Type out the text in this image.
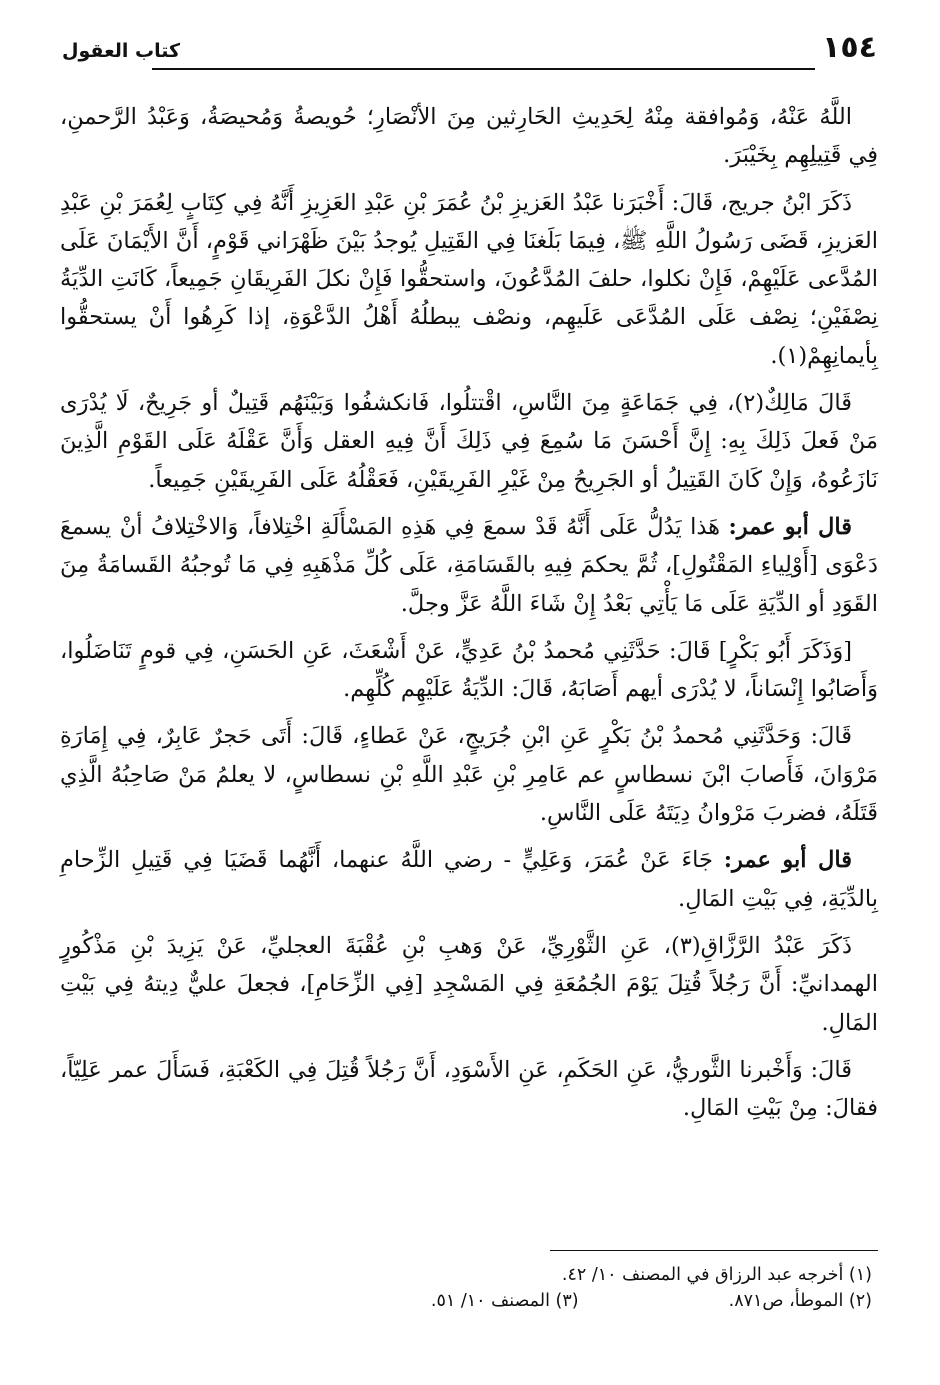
١٥٤
كتاب العقول

اللَّهُ عَنْهُ، وَمُوافقة مِنْهُ لِحَدِيثِ الحَارِثين مِنَ الأنْصَارِ؛ حُويصةُ وَمُحيصَةُ، وَعَبْدُ الرَّحمنِ، فِي قَتِيلِهِم بِخَيْبَرَ.

ذَكَرَ ابْنُ جريج، قَالَ: أَخْبَرَنا عَبْدُ العَزيزِ بْنُ عُمَرَ بْنِ عَبْدِ العَزِيزِ أَنَّهُ فِي كِتَابٍ لِعُمَرَ بْنِ عَبْدِ العَزيزِ، قَضَى رَسُولُ اللَّهِ ﷺ، فِيمَا بَلَغنَا فِي القَتِيلِ يُوجدُ بَيْنَ ظَهْرَاني قَوْمٍ، أَنَّ الأَيْمَانَ عَلَى المُدَّعى عَلَيْهِمْ، فَإِنْ نكلوا، حلفَ المُدَّعُونَ، واستحقُّوا فَإِنْ نكلَ الفَرِيقَانِ جَمِيعاً، كَانَتِ الدِّيَةُ نِصْفَيْنِ؛ نِصْف عَلَى المُدَّعَى عَلَيهِم، ونصْف يبطلُهُ أَهْلُ الدَّعْوَةِ، إذا كَرِهُوا أَنْ يستحقُّوا بِأيمانِهِمْ(١).

قَالَ مَالِكٌ(٢)، فِي جَمَاعَةٍ مِنَ النَّاسِ، اقْتتلُوا، فَانكشفُوا وَبَيْنَهُم قَتِيلٌ أو جَرِيحٌ، لَا يُدْرَى مَنْ فَعلَ ذَلِكَ بِهِ: إِنَّ أَحْسَنَ مَا سُمِعَ فِي ذَلِكَ أَنَّ فِيهِ العقل وَأَنَّ عَقْلَهُ عَلَى القَوْمِ الَّذِينَ نَازَعُوهُ، وَإِنْ كَانَ القَتِيلُ أو الجَرِيحُ مِنْ غَيْرِ الفَرِيقَيْنِ، فَعَقْلُهُ عَلَى الفَرِيقَيْنِ جَمِيعاً.

قال أبو عمر: هَذا يَدُلُّ عَلَى أَنَّهُ قَدْ سمعَ فِي هَذِهِ المَسْأَلَةِ اخْتِلافاً، وَالاخْتِلافُ أنْ يسمعَ دَعْوَى [أَوْلِياءِ المَقْتُولِ]، ثُمَّ يحكمَ فِيهِ بالقَسَامَةِ، عَلَى كُلِّ مَذْهَبِهِ فِي مَا تُوجبُهُ القَسامَةُ مِنَ القَوَدِ أو الدِّيَةِ عَلَى مَا يَأْتِي بَعْدُ إِنْ شَاءَ اللَّهُ عَزَّ وجلَّ.

[وَذَكَرَ أَبُو بَكْرٍ] قَالَ: حَدَّثَنِي مُحمدُ بْنُ عَدِيٍّ، عَنْ أَشْعَثَ، عَنِ الحَسَنِ، فِي قومٍ تَنَاضَلُوا، وَأَصَابُوا إِنْسَاناً، لا يُدْرَى أيهم أَصَابَهُ، قَالَ: الدِّيَةُ عَلَيْهِم كُلِّهِم.

قَالَ: وَحَدَّثَنِي مُحمدُ بْنُ بَكْرٍ عَنِ ابْنِ جُرَيجٍ، عَنْ عَطاءٍ، قَالَ: أَتَى حَجرٌ عَابِرٌ، فِي إِمَارَةِ مَرْوَانَ، فَأَصابَ ابْنَ نسطاسٍ عم عَامِرِ بْنِ عَبْدِ اللَّهِ بْنِ نسطاسٍ، لا يعلمُ مَنْ صَاحِبُهُ الَّذِي قَتَلَهُ، فضربَ مَرْوانُ دِيَتَهُ عَلَى النَّاسِ.

قال أبو عمر: جَاءَ عَنْ عُمَرَ، وَعَلِيٍّ - رضي اللَّهُ عنهما، أَنَّهُما قَضَيَا فِي قَتِيلِ الزِّحامِ بِالدِّيَةِ، فِي بَيْتِ المَالِ.

ذَكَرَ عَبْدُ الرَّزَّاقِ(٣)، عَنِ الثَّوْرِيِّ، عَنْ وَهبِ بْنِ عُقْبَةَ العجليِّ، عَنْ يَزِيدَ بْنِ مَذْكُورٍ الهمدانيِّ: أَنَّ رَجُلاً قُتِلَ يَوْمَ الجُمُعَةِ فِي المَسْجِدِ [فِي الزِّحَامِ]، فجعلَ عليٌّ دِيتهُ فِي بَيْتِ المَالِ.

قَالَ: وَأَخْبرنا الثَّوريُّ، عَنِ الحَكَمِ، عَنِ الأَسْوَدِ، أَنَّ رَجُلاً قُتِلَ فِي الكَعْبَةِ، فَسَأَلَ عمر عَلِيّاً، فقالَ: مِنْ بَيْتِ المَالِ.

(١) أخرجه عبد الرزاق في المصنف ١٠/ ٤٢.
(٢) الموطأ، ص٨٧١.
(٣) المصنف ١٠/ ٥١.
